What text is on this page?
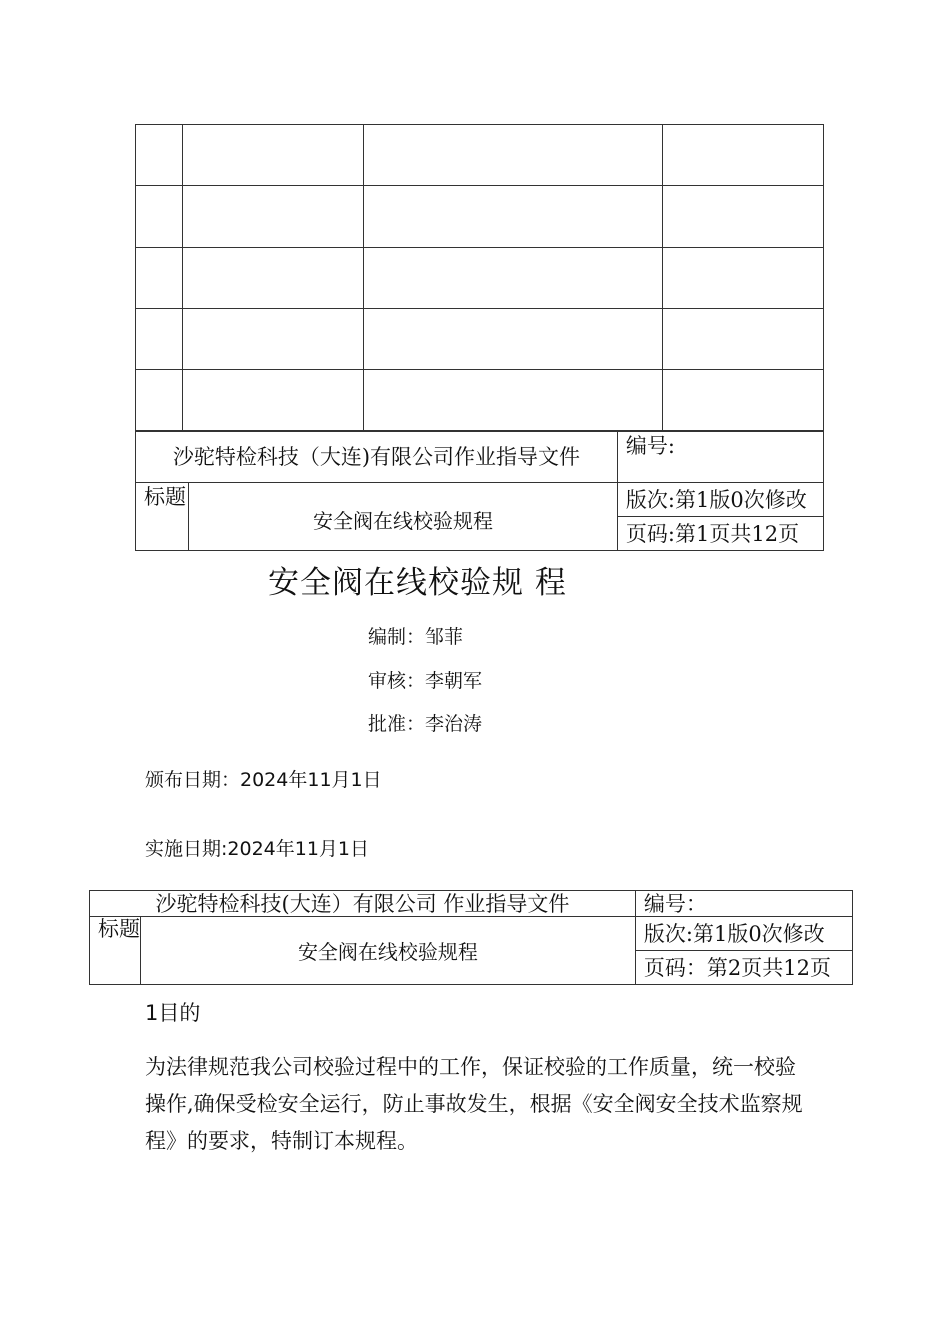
沙驼特检科技（大连)有限公司作业指导文件		编号:
标题	安全阀在线校验规程	版次:第1版0次修改
		页码:第1页共12页
安全阀在线校验规 程
编制：邹菲
审核：李朝军
批准：李治涛
颁布日期：2024年11月1日
实施日期:2024年11月1日
沙驼特检科技(大连）有限公司 作业指导文件		编号：
标题	安全阀在线校验规程	版次:第1版0次修改
		页码：第2页共12页
1目的
为法律规范我公司校验过程中的工作，保证校验的工作质量，统一校验操作,确保受检安全运行，防止事故发生，根据《安全阀安全技术监察规程》的要求，特制订本规程。
